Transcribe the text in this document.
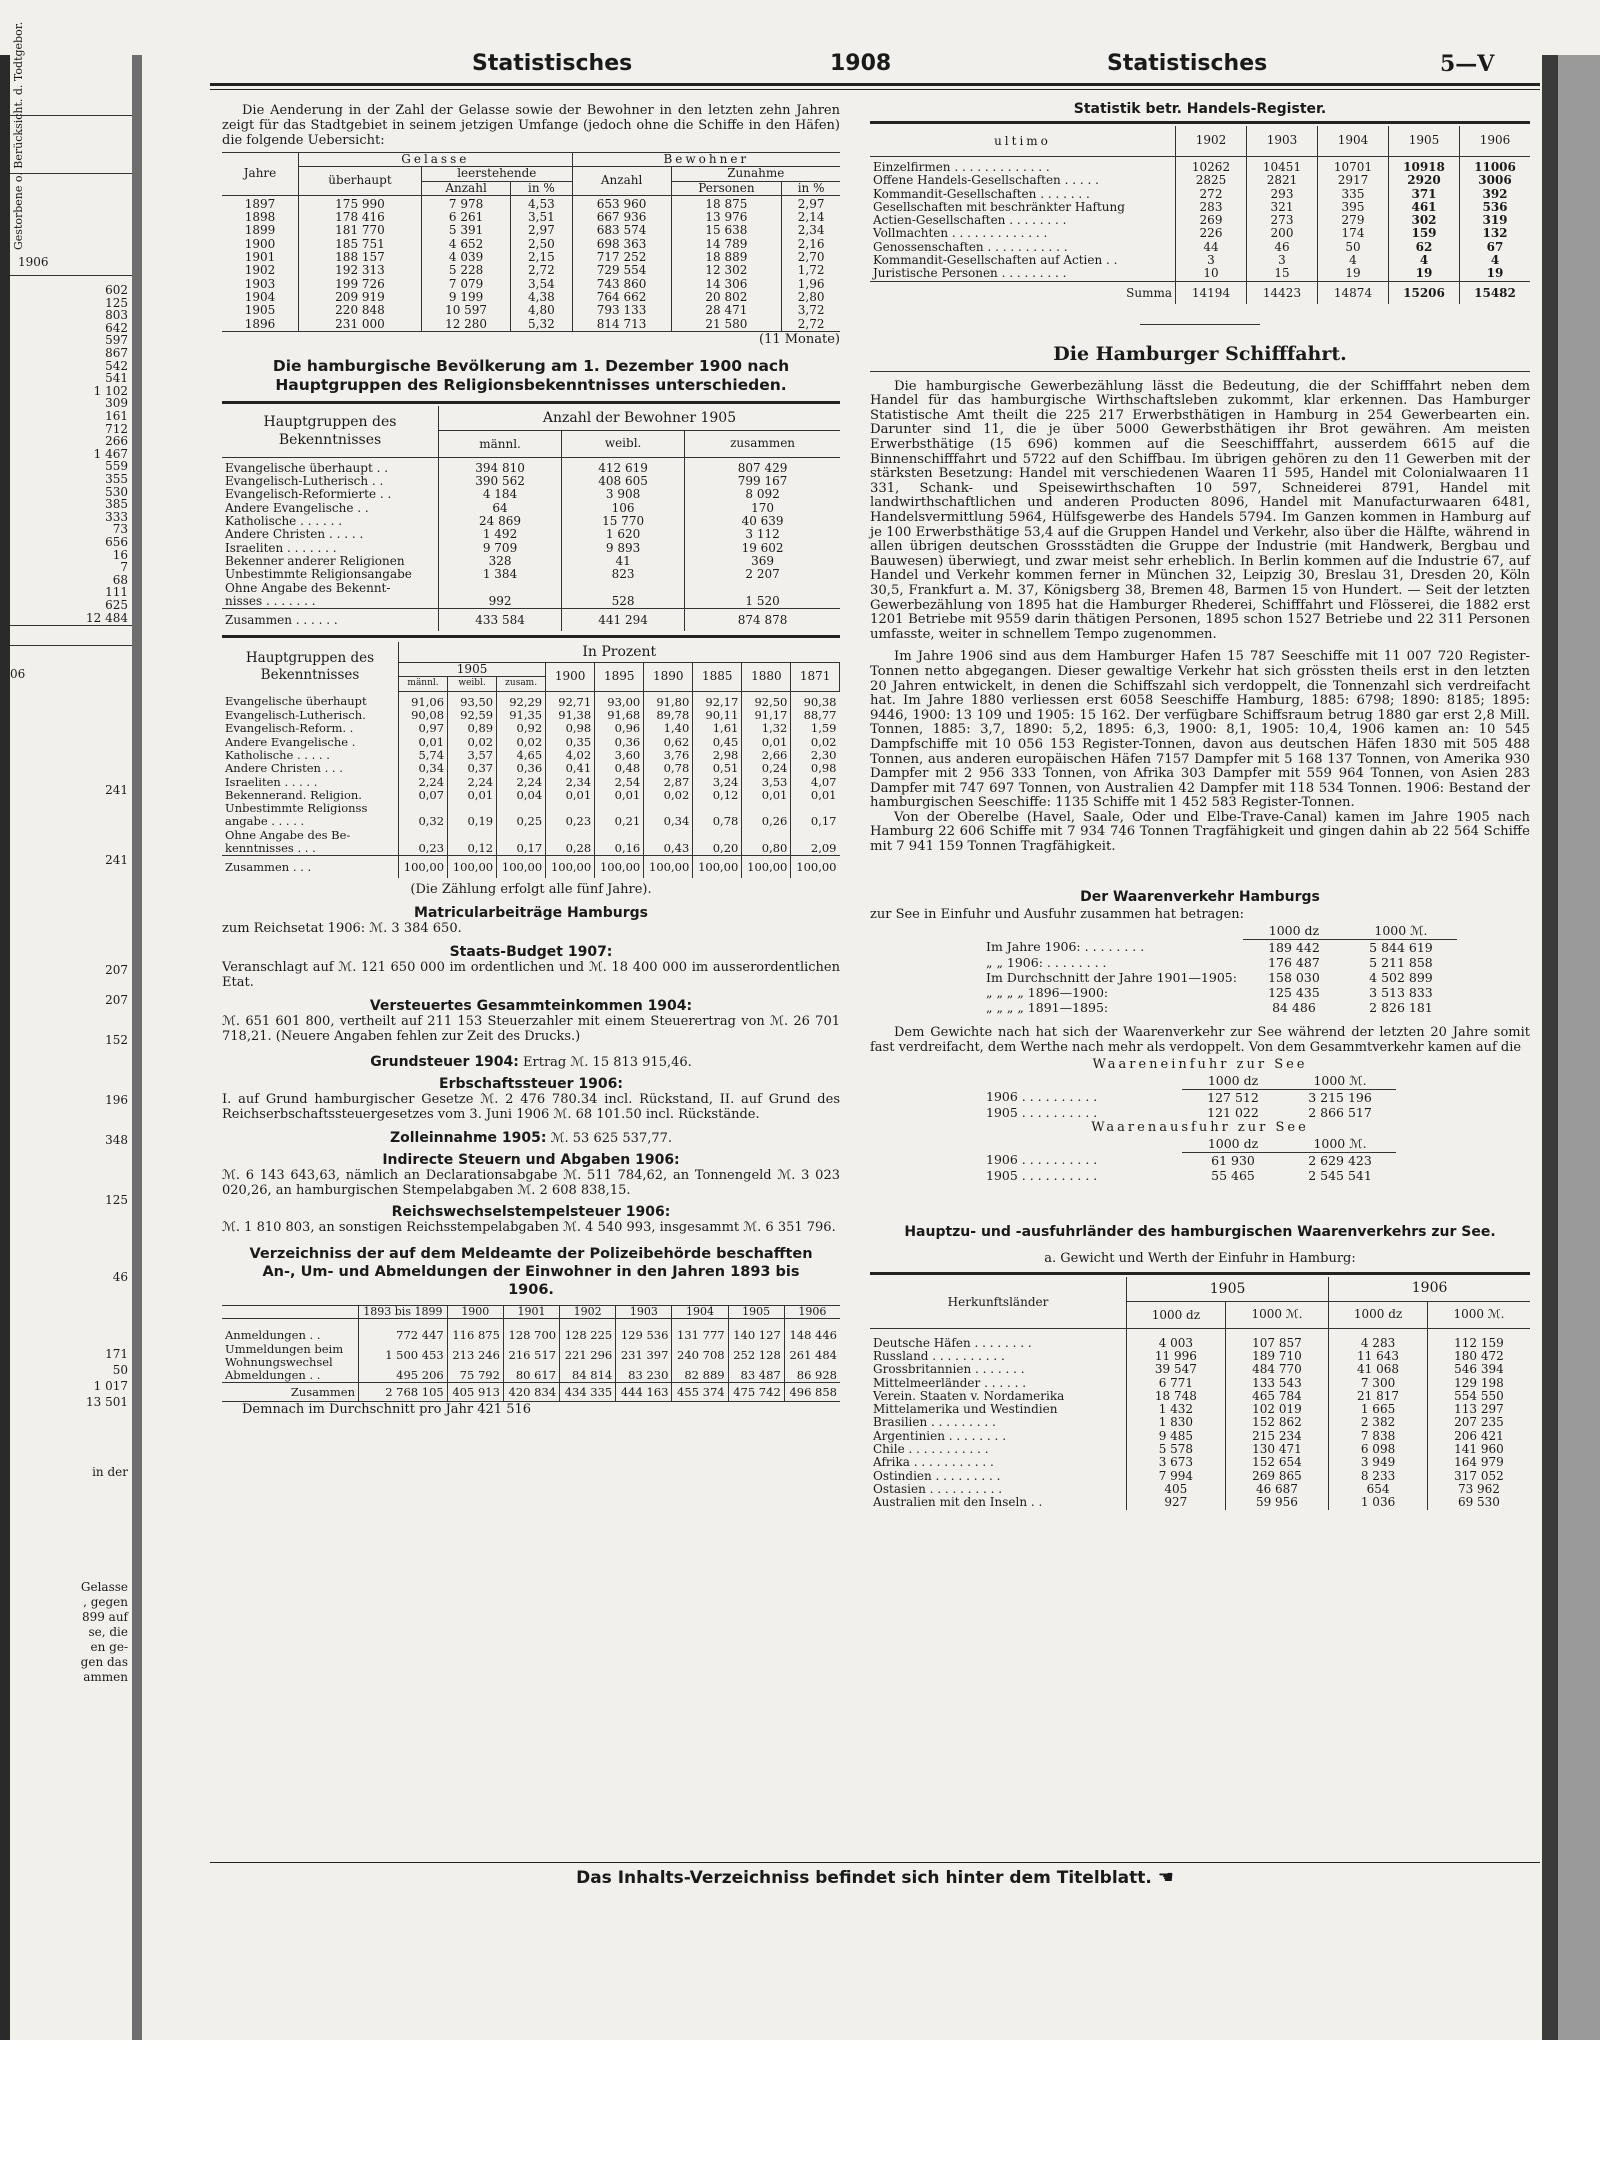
1906
602
125
803
642
597
867
542
541
1 102
309
161
712
266
1 467
559
355
530
385
333
73
656
16
7
68
111
625
12 484
06
241
241
207
207
152
196
348
125
46
171
50
1 017
13 501
in der
Gelasse
, gegen
899 auf
se, die
en ge-
gen das
ammen
Gestorbene o. Berücksicht. d. Todtgebor.	Statistisches	1908	Statistisches	5—V

Die Aenderung in der Zahl der Gelasse sowie der Bewohner in den letzten zehn Jahren zeigt für das Stadtgebiet in seinem jetzigen Umfange (jedoch ohne die Schiffe in den Häfen) die folgende Uebersicht:

Jahre	Gelasse			Bewohner		
	überhaupt	leerstehende		Anzahl	Zunahme	
		Anzahl	in %		Personen	in %
1897	175 990	7 978	4,53	653 960	18 875	2,97
1898	178 416	6 261	3,51	667 936	13 976	2,14
1899	181 770	5 391	2,97	683 574	15 638	2,34
1900	185 751	4 652	2,50	698 363	14 789	2,16
1901	188 157	4 039	2,15	717 252	18 889	2,70
1902	192 313	5 228	2,72	729 554	12 302	1,72
1903	199 726	7 079	3,54	743 860	14 306	1,96
1904	209 919	9 199	4,38	764 662	20 802	2,80
1905	220 848	10 597	4,80	793 133	28 471	3,72
1896	231 000	12 280	5,32	814 713	21 580	2,72

(11 Monate)

Die hamburgische Bevölkerung am 1. Dezember 1900 nach Hauptgruppen des Religionsbekenntnisses unterschieden.

Hauptgruppen des Bekenntnisses	Anzahl der Bewohner 1905		
	männl.	weibl.	zusammen
Evangelische überhaupt . .	394 810	412 619	807 429
Evangelisch-Lutherisch . .	390 562	408 605	799 167
Evangelisch-Reformierte . .	4 184	3 908	8 092
Andere Evangelische . .	64	106	170
Katholische . . . . . .	24 869	15 770	40 639
Andere Christen . . . . .	1 492	1 620	3 112
Israeliten . . . . . . .	9 709	9 893	19 602
Bekenner anderer Religionen	328	41	369
Unbestimmte Religionsangabe	1 384	823	2 207
Ohne Angabe des Bekennt-			
nisses . . . . . . .	992	528	1 520
Zusammen . . . . . .	433 584	441 294	874 878
Hauptgruppen des Bekenntnisses	In Prozent								
	1905			1900	1895	1890	1885	1880	1871
	männl.	weibl.	zusam.						
Evangelische überhaupt	91,06	93,50	92,29	92,71	93,00	91,80	92,17	92,50	90,38
Evangelisch-Lutherisch.	90,08	92,59	91,35	91,38	91,68	89,78	90,11	91,17	88,77
Evangelisch-Reform. .	0,97	0,89	0,92	0,98	0,96	1,40	1,61	1,32	1,59
Andere Evangelische .	0,01	0,02	0,02	0,35	0,36	0,62	0,45	0,01	0,02
Katholische . . . . .	5,74	3,57	4,65	4,02	3,60	3,76	2,98	2,66	2,30
Andere Christen . . .	0,34	0,37	0,36	0,41	0,48	0,78	0,51	0,24	0,98
Israeliten . . . . .	2,24	2,24	2,24	2,34	2,54	2,87	3,24	3,53	4,07
Bekennerand. Religion.	0,07	0,01	0,04	0,01	0,01	0,02	0,12	0,01	0,01
Unbestimmte Religionss									
angabe . . . . .	0,32	0,19	0,25	0,23	0,21	0,34	0,78	0,26	0,17
Ohne Angabe des Be-									
kenntnisses . . .	0,23	0,12	0,17	0,28	0,16	0,43	0,20	0,80	2,09
Zusammen . . .	100,00	100,00	100,00	100,00	100,00	100,00	100,00	100,00	100,00

(Die Zählung erfolgt alle fünf Jahre).

Matricularbeiträge Hamburgs

zum Reichsetat 1906: ℳ. 3 384 650.

Staats-Budget 1907:

Veranschlagt auf ℳ. 121 650 000 im ordentlichen und ℳ. 18 400 000 im ausserordentlichen Etat.

Versteuertes Gesammteinkommen 1904:

ℳ. 651 601 800, vertheilt auf 211 153 Steuerzahler mit einem Steuerertrag von ℳ. 26 701 718,21. (Neuere Angaben fehlen zur Zeit des Drucks.)

Grundsteuer 1904: Ertrag ℳ. 15 813 915,46.

Erbschaftssteuer 1906:

I. auf Grund hamburgischer Gesetze ℳ. 2 476 780.34 incl. Rückstand, II. auf Grund des Reichserbschaftssteuergesetzes vom 3. Juni 1906 ℳ. 68 101.50 incl. Rückstände.

Zolleinnahme 1905: ℳ. 53 625 537,77.

Indirecte Steuern und Abgaben 1906:

ℳ. 6 143 643,63, nämlich an Declarationsabgabe ℳ. 511 784,62, an Tonnengeld ℳ. 3 023 020,26, an hamburgischen Stempelabgaben ℳ. 2 608 838,15.

Reichswechselstempelsteuer 1906:

ℳ. 1 810 803, an sonstigen Reichsstempelabgaben ℳ. 4 540 993, insgesammt ℳ. 6 351 796.

Verzeichniss der auf dem Meldeamte der Polizeibehörde beschafften An-, Um- und Abmeldungen der Einwohner in den Jahren 1893 bis 1906.

	1893 bis 1899	1900	1901	1902	1903	1904	1905	1906
Anmeldungen . .	772 447	116 875	128 700	128 225	129 536	131 777	140 127	148 446
Ummeldungen beim Wohnungswechsel	1 500 453	213 246	216 517	221 296	231 397	240 708	252 128	261 484
Abmeldungen . .	495 206	75 792	80 617	84 814	83 230	82 889	83 487	86 928
Zusammen	2 768 105	405 913	420 834	434 335	444 163	455 374	475 742	496 858

Demnach im Durchschnitt pro Jahr 421 516

Statistik betr. Handels-Register.

ultimo	1902	1903	1904	1905	1906
Einzelfirmen . . . . . . . . . . . . .	10262	10451	10701	10918	11006
Offene Handels-Gesellschaften . . . . .	2825	2821	2917	2920	3006
Kommandit-Gesellschaften . . . . . . .	272	293	335	371	392
Gesellschaften mit beschränkter Haftung	283	321	395	461	536
Actien-Gesellschaften . . . . . . . .	269	273	279	302	319
Vollmachten . . . . . . . . . . . . .	226	200	174	159	132
Genossenschaften . . . . . . . . . . .	44	46	50	62	67
Kommandit-Gesellschaften auf Actien . .	3	3	4	4	4
Juristische Personen . . . . . . . . .	10	15	19	19	19
Summa	14194	14423	14874	15206	15482

Die Hamburger Schifffahrt.

Die hamburgische Gewerbezählung lässt die Bedeutung, die der Schifffahrt neben dem Handel für das hamburgische Wirthschaftsleben zukommt, klar erkennen. Das Hamburger Statistische Amt theilt die 225 217 Erwerbsthätigen in Hamburg in 254 Gewerbearten ein. Darunter sind 11, die je über 5000 Gewerbsthätigen ihr Brot gewähren. Am meisten Erwerbsthätige (15 696) kommen auf die Seeschifffahrt, ausserdem 6615 auf die Binnenschifffahrt und 5722 auf den Schiffbau. Im übrigen gehören zu den 11 Gewerben mit der stärksten Besetzung: Handel mit verschiedenen Waaren 11 595, Handel mit Colonialwaaren 11 331, Schank- und Speisewirthschaften 10 597, Schneiderei 8791, Handel mit landwirthschaftlichen und anderen Producten 8096, Handel mit Manufacturwaaren 6481, Handelsvermittlung 5964, Hülfsgewerbe des Handels 5794. Im Ganzen kommen in Hamburg auf je 100 Erwerbsthätige 53,4 auf die Gruppen Handel und Verkehr, also über die Hälfte, während in allen übrigen deutschen Grossstädten die Gruppe der Industrie (mit Handwerk, Bergbau und Bauwesen) überwiegt, und zwar meist sehr erheblich. In Berlin kommen auf die Industrie 67, auf Handel und Verkehr kommen ferner in München 32, Leipzig 30, Breslau 31, Dresden 20, Köln 30,5, Frankfurt a. M. 37, Königsberg 38, Bremen 48, Barmen 15 von Hundert. — Seit der letzten Gewerbezählung von 1895 hat die Hamburger Rhederei, Schifffahrt und Flösserei, die 1882 erst 1201 Betriebe mit 9559 darin thätigen Personen, 1895 schon 1527 Betriebe und 22 311 Personen umfasste, weiter in schnellem Tempo zugenommen.

Im Jahre 1906 sind aus dem Hamburger Hafen 15 787 Seeschiffe mit 11 007 720 Register-Tonnen netto abgegangen. Dieser gewaltige Verkehr hat sich grössten theils erst in den letzten 20 Jahren entwickelt, in denen die Schiffszahl sich verdoppelt, die Tonnenzahl sich verdreifacht hat. Im Jahre 1880 verliessen erst 6058 Seeschiffe Hamburg, 1885: 6798; 1890: 8185; 1895: 9446, 1900: 13 109 und 1905: 15 162. Der verfügbare Schiffsraum betrug 1880 gar erst 2,8 Mill. Tonnen, 1885: 3,7, 1890: 5,2, 1895: 6,3, 1900: 8,1, 1905: 10,4, 1906 kamen an: 10 545 Dampfschiffe mit 10 056 153 Register-Tonnen, davon aus deutschen Häfen 1830 mit 505 488 Tonnen, aus anderen europäischen Häfen 7157 Dampfer mit 5 168 137 Tonnen, von Amerika 930 Dampfer mit 2 956 333 Tonnen, von Afrika 303 Dampfer mit 559 964 Tonnen, von Asien 283 Dampfer mit 747 697 Tonnen, von Australien 42 Dampfer mit 118 534 Tonnen. 1906: Bestand der hamburgischen Seeschiffe: 1135 Schiffe mit 1 452 583 Register-Tonnen.

Von der Oberelbe (Havel, Saale, Oder und Elbe-Trave-Canal) kamen im Jahre 1905 nach Hamburg 22 606 Schiffe mit 7 934 746 Tonnen Tragfähigkeit und gingen dahin ab 22 564 Schiffe mit 7 941 159 Tonnen Tragfähigkeit.

Der Waarenverkehr Hamburgs

zur See in Einfuhr und Ausfuhr zusammen hat betragen:

	1000 dz	1000 ℳ.
Im Jahre 1906: . . . . . . . .	189 442	5 844 619
„ „ 1906: . . . . . . . .	176 487	5 211 858
Im Durchschnitt der Jahre 1901—1905:	158 030	4 502 899
„ „ „ „ 1896—1900:	125 435	3 513 833
„ „ „ „ 1891—1895:	84 486	2 826 181

Dem Gewichte nach hat sich der Waarenverkehr zur See während der letzten 20 Jahre somit fast verdreifacht, dem Werthe nach mehr als verdoppelt. Von dem Gesammtverkehr kamen auf die

Waareneinfuhr zur See

	1000 dz	1000 ℳ.
1906 . . . . . . . . . .	127 512	3 215 196
1905 . . . . . . . . . .	121 022	2 866 517

Waarenausfuhr zur See

	1000 dz	1000 ℳ.
1906 . . . . . . . . . .	61 930	2 629 423
1905 . . . . . . . . . .	55 465	2 545 541

Hauptzu- und -ausfuhrländer des hamburgischen Waarenverkehrs zur See.

a. Gewicht und Werth der Einfuhr in Hamburg:

Herkunftsländer	1905		1906	
	1000 dz	1000 ℳ.	1000 dz	1000 ℳ.
Deutsche Häfen . . . . . . . .	4 003	107 857	4 283	112 159
Russland . . . . . . . . . .	11 996	189 710	11 643	180 472
Grossbritannien . . . . . . .	39 547	484 770	41 068	546 394
Mittelmeerländer . . . . . .	6 771	133 543	7 300	129 198
Verein. Staaten v. Nordamerika	18 748	465 784	21 817	554 550
Mittelamerika und Westindien	1 432	102 019	1 665	113 297
Brasilien . . . . . . . . .	1 830	152 862	2 382	207 235
Argentinien . . . . . . . .	9 485	215 234	7 838	206 421
Chile . . . . . . . . . . .	5 578	130 471	6 098	141 960
Afrika . . . . . . . . . . .	3 673	152 654	3 949	164 979
Ostindien . . . . . . . . .	7 994	269 865	8 233	317 052
Ostasien . . . . . . . . . .	405	46 687	654	73 962
Australien mit den Inseln . .	927	59 956	1 036	69 530

Das Inhalts-Verzeichniss befindet sich hinter dem Titelblatt. ☚
